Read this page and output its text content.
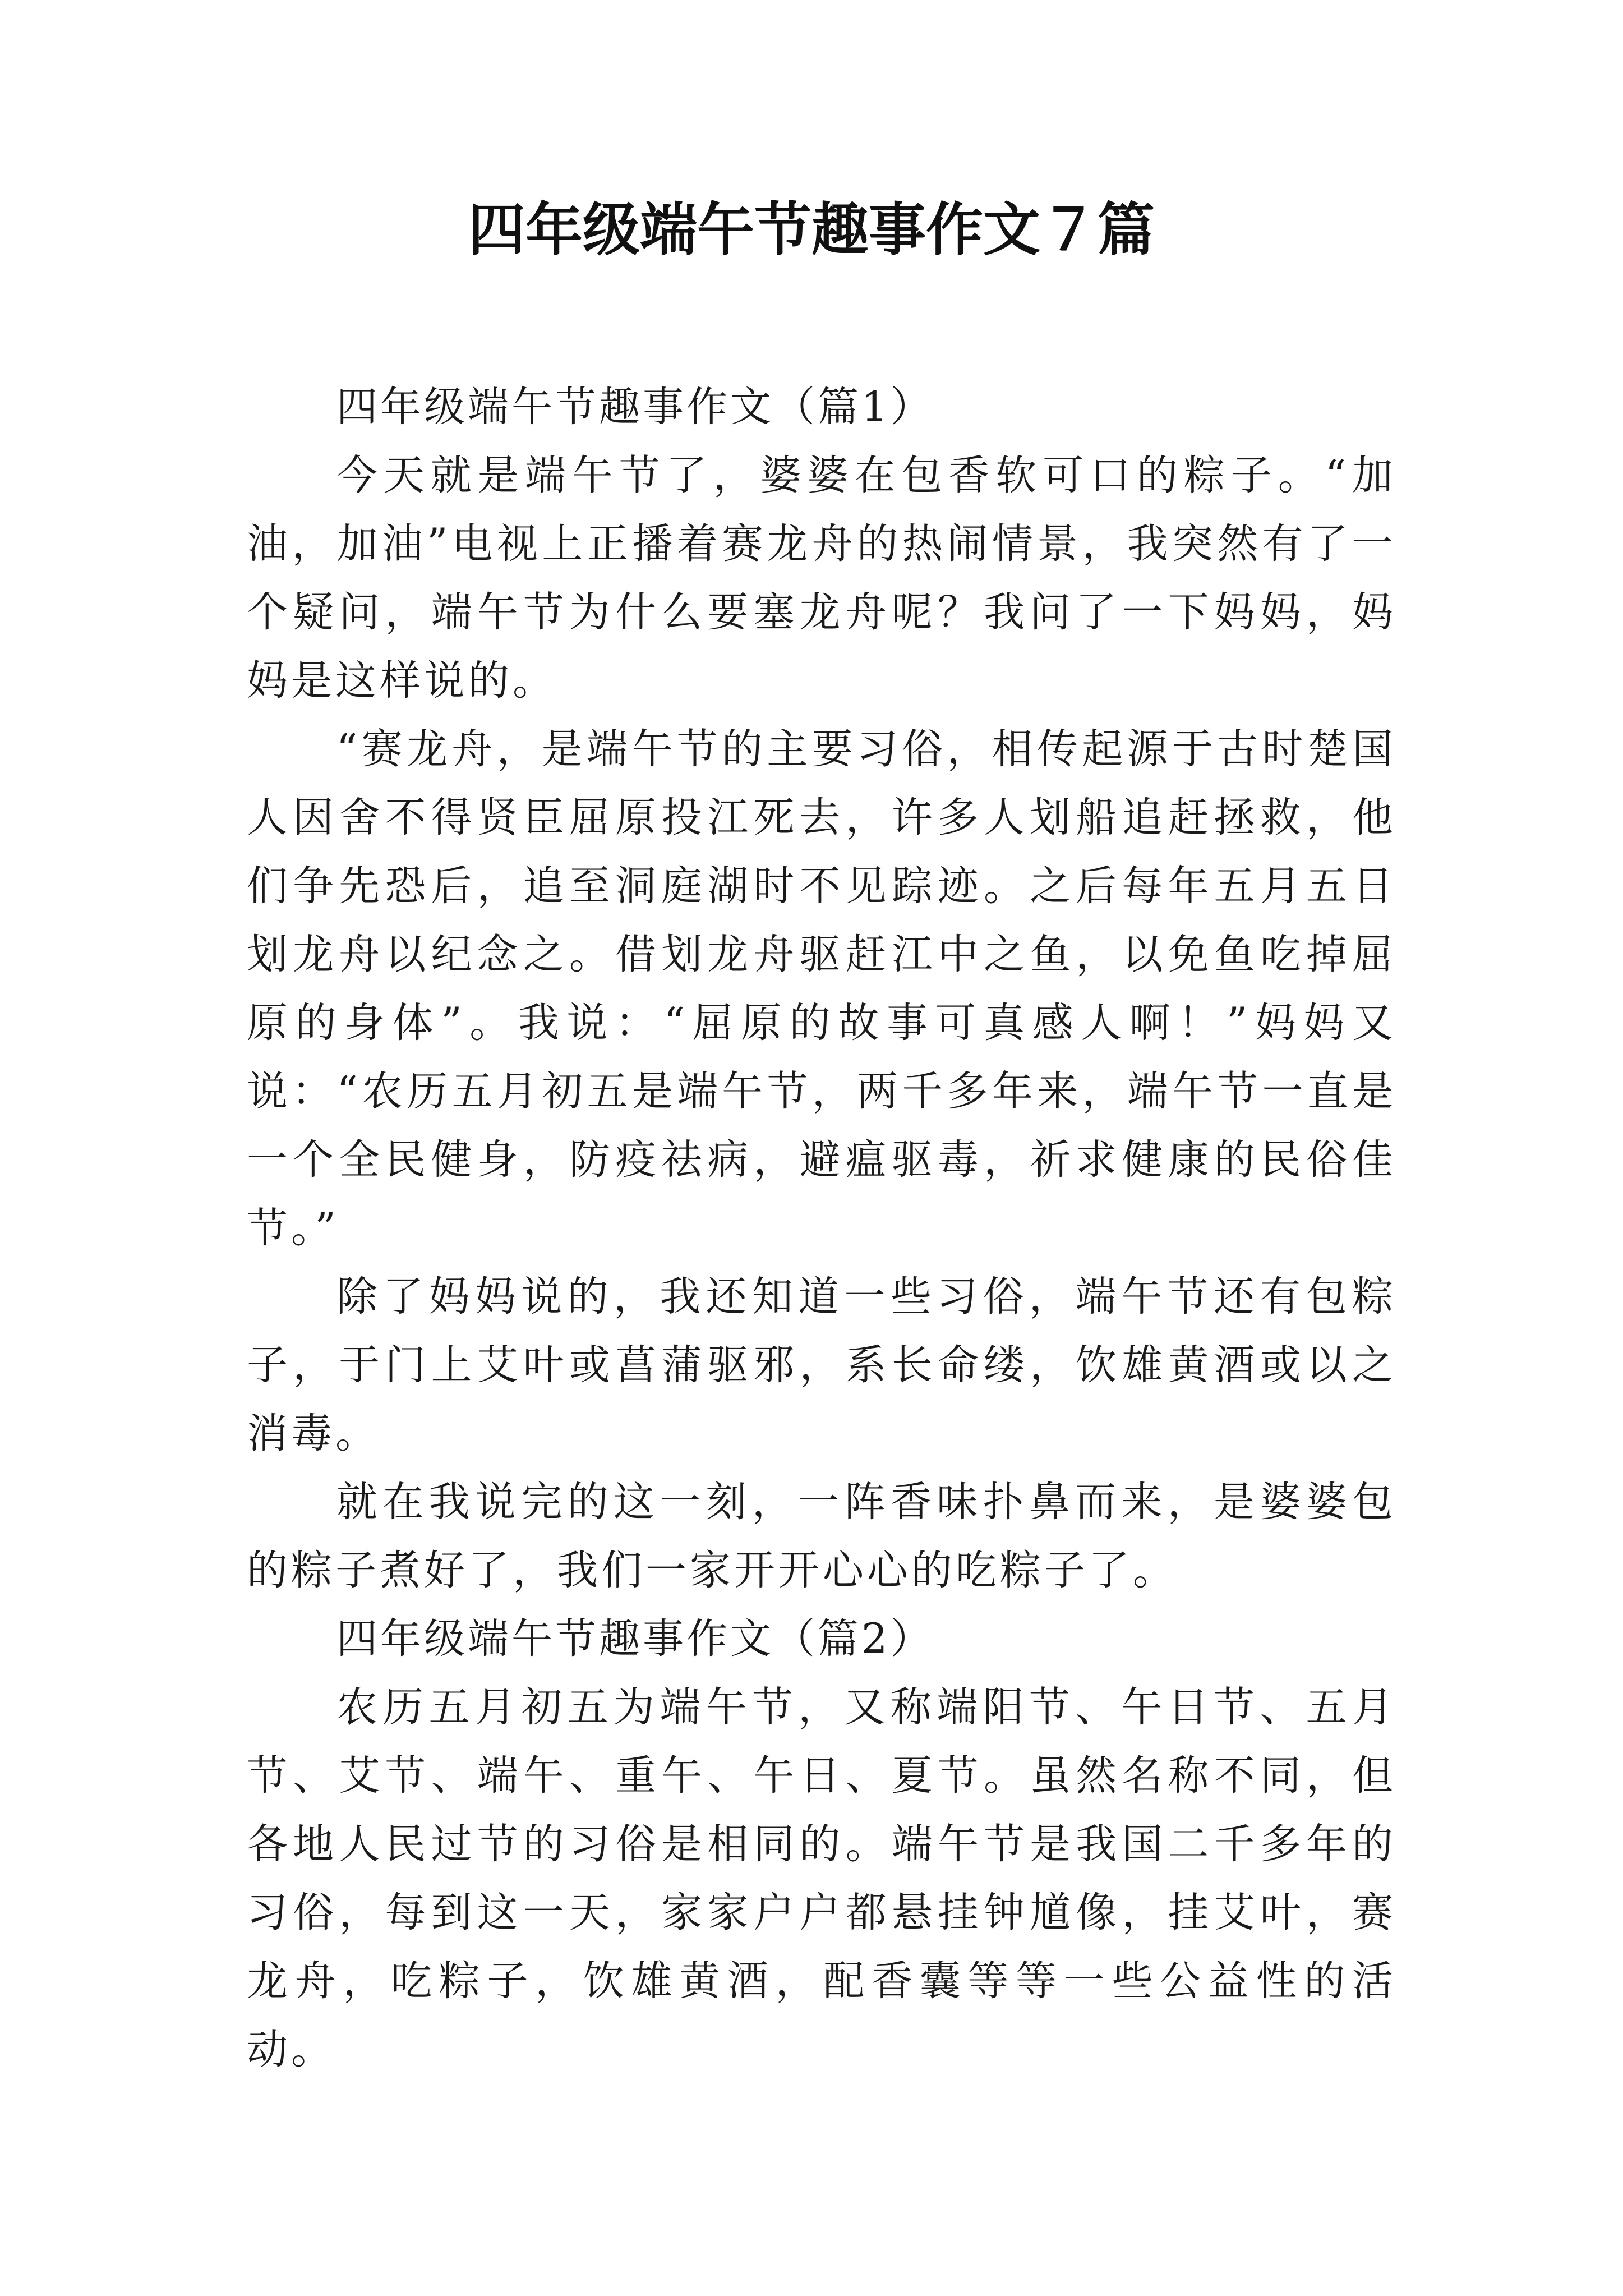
四年级端午节趣事作文７篇

四年级端午节趣事作文（篇1）

今天就是端午节了，婆婆在包香软可口的粽子。“加油，加油”电视上正播着赛龙舟的热闹情景，我突然有了一个疑问，端午节为什么要塞龙舟呢？我问了一下妈妈，妈妈是这样说的。

“赛龙舟，是端午节的主要习俗，相传起源于古时楚国人因舍不得贤臣屈原投江死去，许多人划船追赶拯救，他们争先恐后，追至洞庭湖时不见踪迹。之后每年五月五日划龙舟以纪念之。借划龙舟驱赶江中之鱼，以免鱼吃掉屈原的身体”。我说：“屈原的故事可真感人啊！”妈妈又说：“农历五月初五是端午节，两千多年来，端午节一直是一个全民健身，防疫祛病，避瘟驱毒，祈求健康的民俗佳节。”

除了妈妈说的，我还知道一些习俗，端午节还有包粽子，于门上艾叶或菖蒲驱邪，系长命缕，饮雄黄酒或以之消毒。

就在我说完的这一刻，一阵香味扑鼻而来，是婆婆包的粽子煮好了，我们一家开开心心的吃粽子了。

四年级端午节趣事作文（篇2）

农历五月初五为端午节，又称端阳节、午日节、五月节、艾节、端午、重午、午日、夏节。虽然名称不同，但各地人民过节的习俗是相同的。端午节是我国二千多年的习俗，每到这一天，家家户户都悬挂钟馗像，挂艾叶，赛龙舟，吃粽子，饮雄黄酒，配香囊等等一些公益性的活动。
